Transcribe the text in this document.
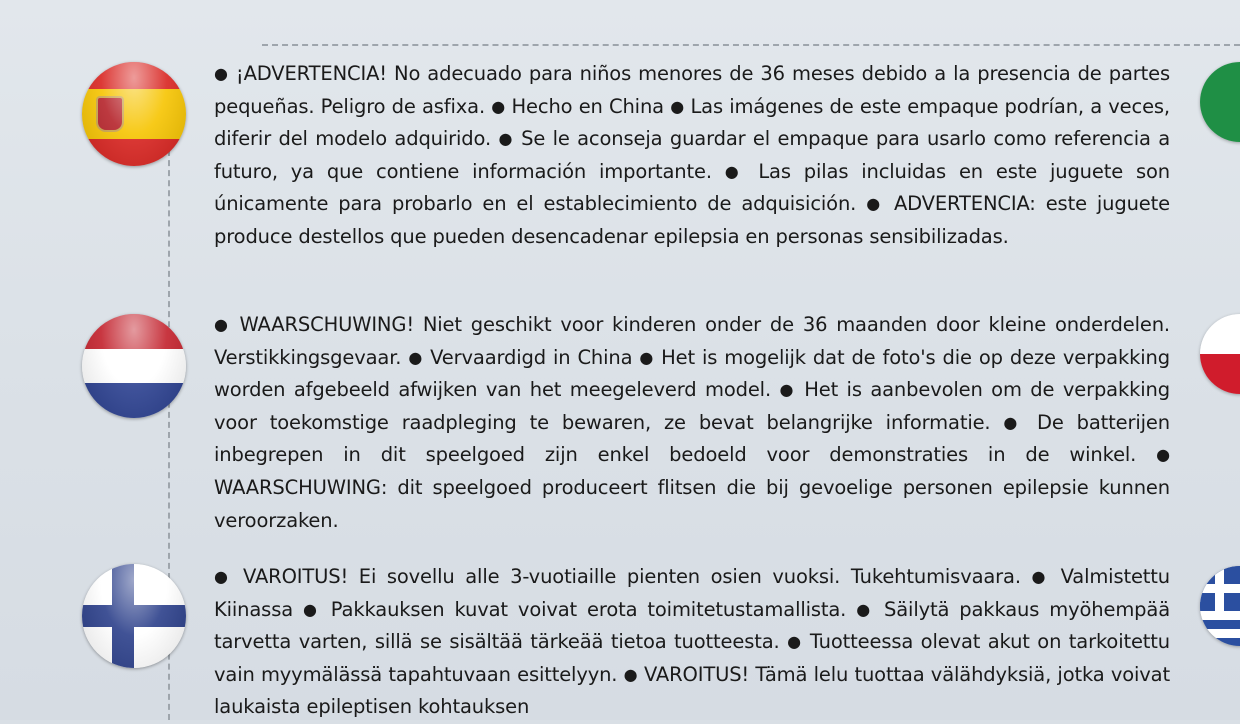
● ¡ADVERTENCIA! No adecuado para niños menores de 36 meses debido a la presencia de partes pequeñas. Peligro de asfixa. ● Hecho en China ● Las imágenes de este empaque podrían, a veces, diferir del modelo adquirido. ● Se le aconseja guardar el empaque para usarlo como referencia a futuro, ya que contiene información importante. ● Las pilas incluidas en este juguete son únicamente para probarlo en el establecimiento de adquisición. ● ADVERTENCIA: este juguete produce destellos que pueden desencadenar epilepsia en personas sensibilizadas.
● WAARSCHUWING! Niet geschikt voor kinderen onder de 36 maanden door kleine onderdelen. Verstikkingsgevaar. ● Vervaardigd in China ● Het is mogelijk dat de foto's die op deze verpakking worden afgebeeld afwijken van het meegeleverd model. ● Het is aanbevolen om de verpakking voor toekomstige raadpleging te bewaren, ze bevat belangrijke informatie. ● De batterijen inbegrepen in dit speelgoed zijn enkel bedoeld voor demonstraties in de winkel. ● WAARSCHUWING: dit speelgoed produceert flitsen die bij gevoelige personen epilepsie kunnen veroorzaken.
● VAROITUS! Ei sovellu alle 3-vuotiaille pienten osien vuoksi. Tukehtumisvaara. ● Valmistettu Kiinassa ● Pakkauksen kuvat voivat erota toimitetustamallista. ● Säilytä pakkaus myöhempää tarvetta varten, sillä se sisältää tärkeää tietoa tuotteesta. ● Tuotteessa olevat akut on tarkoitettu vain myymälässä tapahtuvaan esittelyyn. ● VAROITUS! Tämä lelu tuottaa välähdyksiä, jotka voivat laukaista epileptisen kohtauksen
